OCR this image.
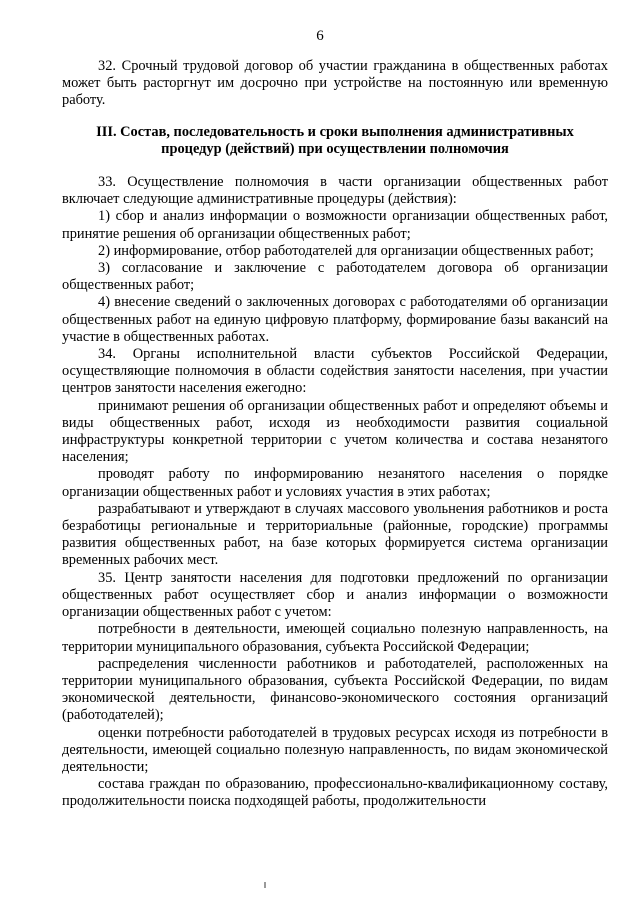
6

32. Срочный трудовой договор об участии гражданина в общественных работах может быть расторгнут им досрочно при устройстве на постоянную или временную работу.

III. Состав, последовательность и сроки выполнения административных процедур (действий) при осуществлении полномочия

33. Осуществление полномочия в части организации общественных работ включает следующие административные процедуры (действия):

1) сбор и анализ информации о возможности организации общественных работ, принятие решения об организации общественных работ;

2) информирование, отбор работодателей для организации общественных работ;

3) согласование и заключение с работодателем договора об организации общественных работ;

4) внесение сведений о заключенных договорах с работодателями об организации общественных работ на единую цифровую платформу, формирование базы вакансий на участие в общественных работах.

34. Органы исполнительной власти субъектов Российской Федерации, осуществляющие полномочия в области содействия занятости населения, при участии центров занятости населения ежегодно:

принимают решения об организации общественных работ и определяют объемы и виды общественных работ, исходя из необходимости развития социальной инфраструктуры конкретной территории с учетом количества и состава незанятого населения;

проводят работу по информированию незанятого населения о порядке организации общественных работ и условиях участия в этих работах;

разрабатывают и утверждают в случаях массового увольнения работников и роста безработицы региональные и территориальные (районные, городские) программы развития общественных работ, на базе которых формируется система организации временных рабочих мест.

35. Центр занятости населения для подготовки предложений по организации общественных работ осуществляет сбор и анализ информации о возможности организации общественных работ с учетом:

потребности в деятельности, имеющей социально полезную направленность, на территории муниципального образования, субъекта Российской Федерации;

распределения численности работников и работодателей, расположенных на территории муниципального образования, субъекта Российской Федерации, по видам экономической деятельности, финансово-экономического состояния организаций (работодателей);

оценки потребности работодателей в трудовых ресурсах исходя из потребности в деятельности, имеющей социально полезную направленность, по видам экономической деятельности;

состава граждан по образованию, профессионально-квалификационному составу, продолжительности поиска подходящей работы, продолжительности
